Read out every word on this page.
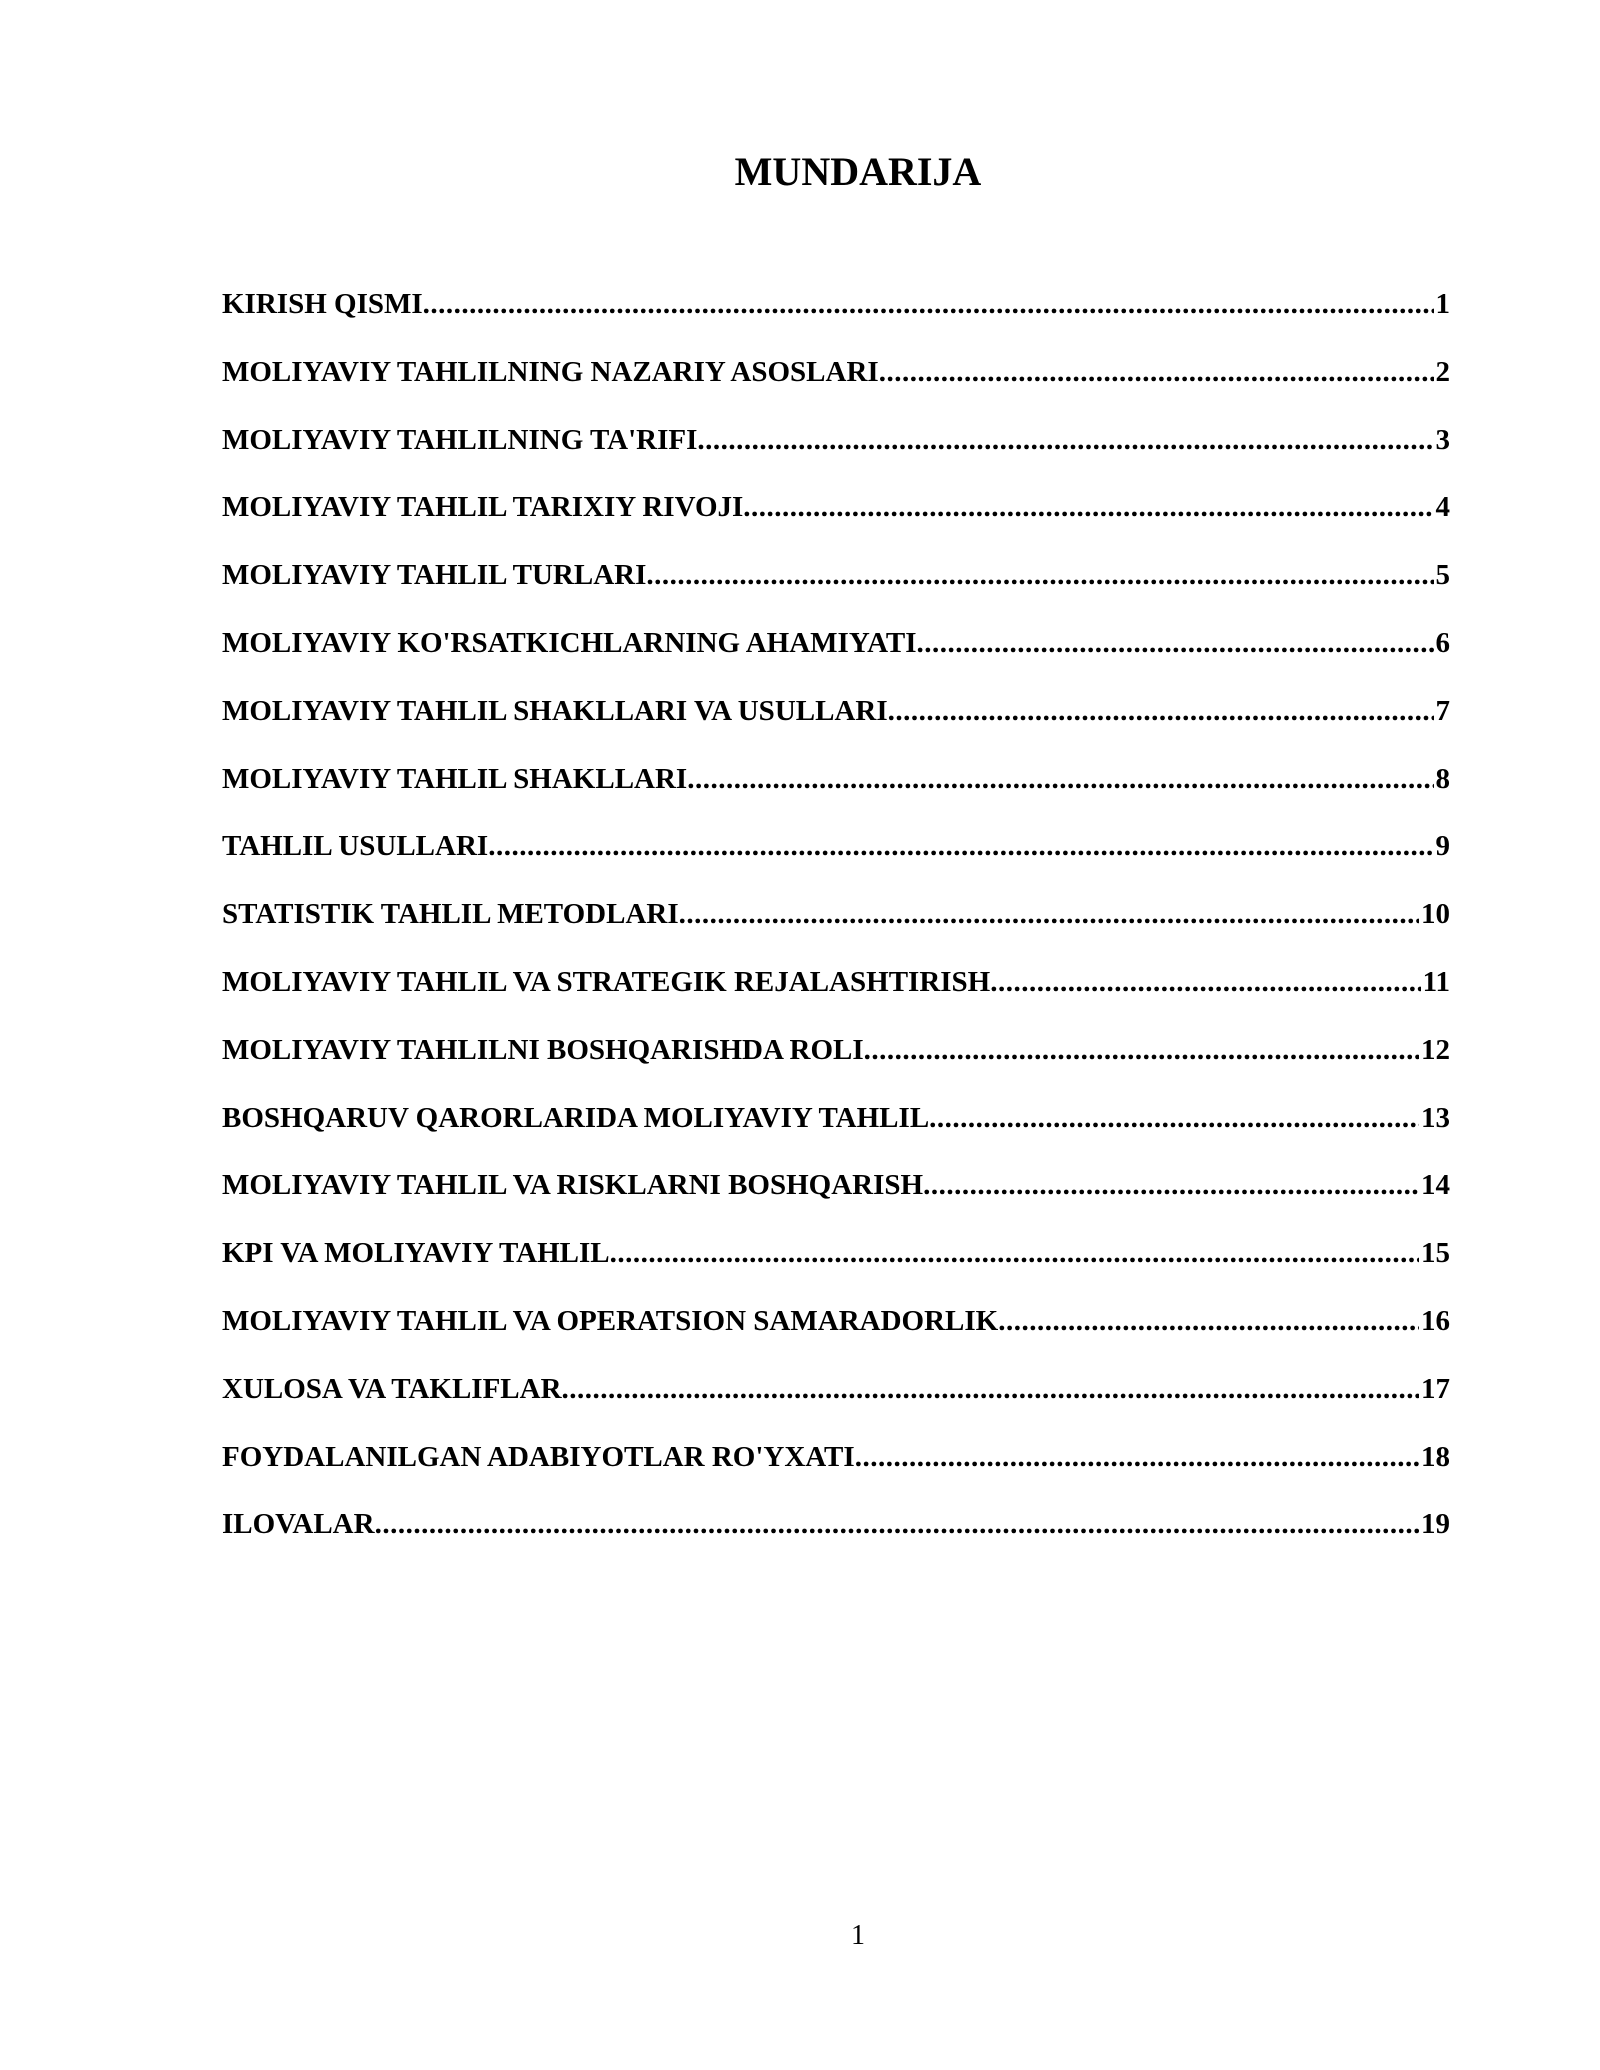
MUNDARIJA
KIRISH QISMI .....	1
MOLIYAVIY TAHLILNING NAZARIY ASOSLARI .....	2
MOLIYAVIY TAHLILNING TA'RIFI .....	3
MOLIYAVIY TAHLIL TARIXIY RIVOJI .....	4
MOLIYAVIY TAHLIL TURLARI .....	5
MOLIYAVIY KO'RSATKICHLARNING AHAMIYATI .....	6
MOLIYAVIY TAHLIL SHAKLLARI VA USULLARI .....	7
MOLIYAVIY TAHLIL SHAKLLARI .....	8
TAHLIL USULLARI .....	9
STATISTIK TAHLIL METODLARI .....	10
MOLIYAVIY TAHLIL VA STRATEGIK REJALASHTIRISH .....	11
MOLIYAVIY TAHLILNI BOSHQARISHDA ROLI .....	12
BOSHQARUV QARORLARIDA MOLIYAVIY TAHLIL .....	13
MOLIYAVIY TAHLIL VA RISKLARNI BOSHQARISH .....	14
KPI VA MOLIYAVIY TAHLIL .....	15
MOLIYAVIY TAHLIL VA OPERATSION SAMARADORLIK .....	16
XULOSA VA TAKLIFLAR .....	17
FOYDALANILGAN ADABIYOTLAR RO'YXATI .....	18
ILOVALAR .....	19
1
